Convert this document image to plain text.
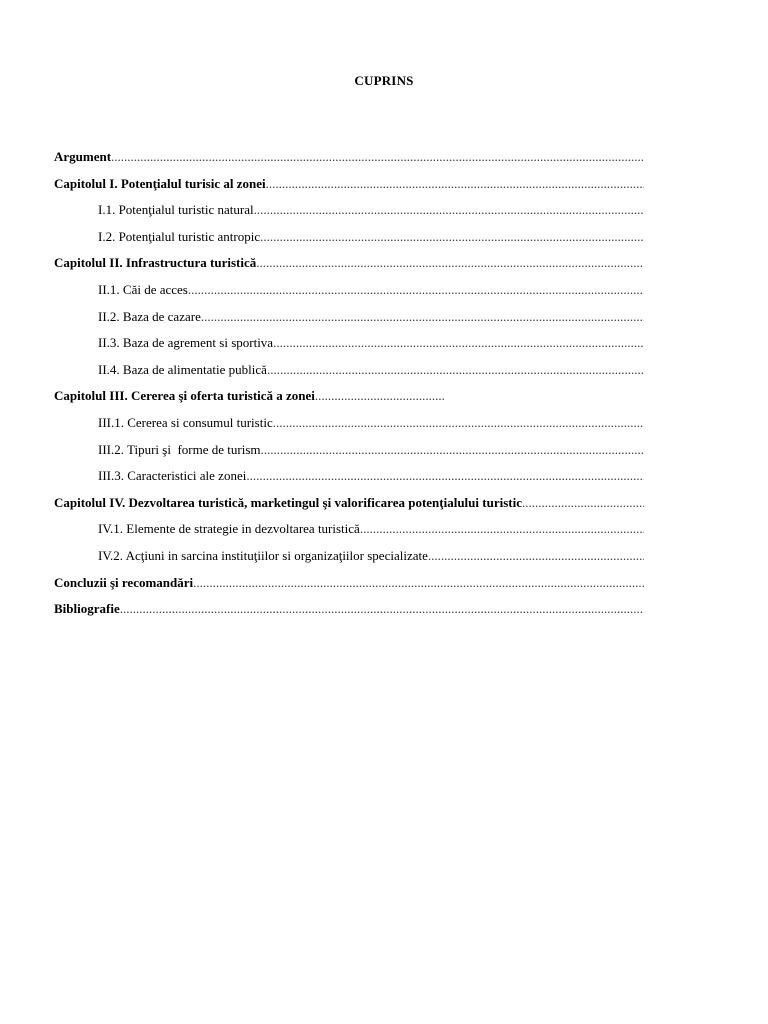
CUPRINS
Argument
.....
Capitolul I. Potenţialul turisic al zonei
.....
I.1. Potenţialul turistic natural
.....
I.2. Potenţialul turistic antropic
.....
Capitolul II. Infrastructura turistică
.....
II.1. Căi de acces
.....
II.2. Baza de cazare
.....
II.3. Baza de agrement si sportiva
.....
II.4. Baza de alimentatie publică
.....
Capitolul III. Cererea şi oferta turistică a zonei
.....
III.1. Cererea si consumul turistic
.....
III.2. Tipuri şi  forme de turism
.....
III.3. Caracteristici ale zonei
.....
Capitolul IV. Dezvoltarea turistică, marketingul şi valorificarea potenţialului turistic
.....
IV.1. Elemente de strategie in dezvoltarea turistică
.....
IV.2. Acţiuni in sarcina instituţiilor si organizaţiilor specializate
.....
Concluzii şi recomandări
.....
Bibliografie
.....
